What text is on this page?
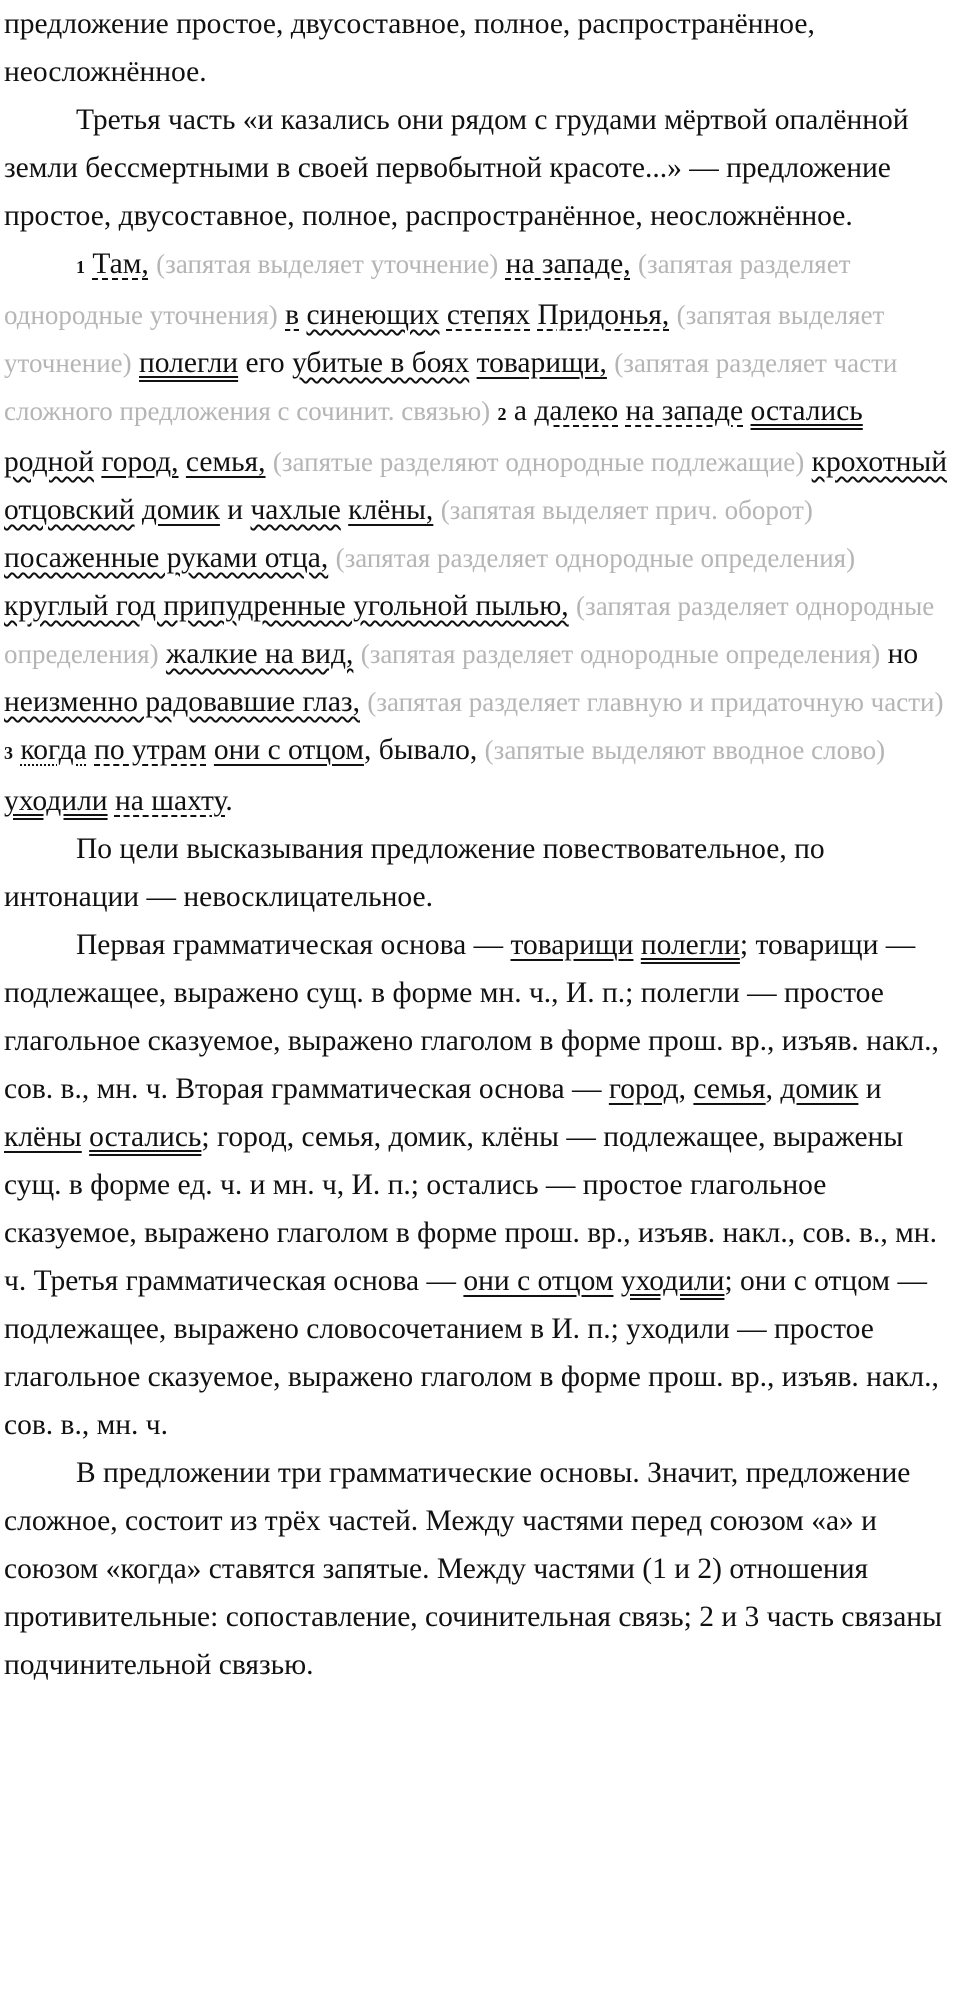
предложение простое, двусоставное, полное, распространённое, неосложнённое.

Третья часть «и казались они рядом с грудами мёртвой опалённой земли бессмертными в своей первобытной красоте...» — предложение простое, двусоставное, полное, распространённое, неосложнённое.

1 Там, (запятая выделяет уточнение) на западе, (запятая разделяет однородные уточнения) в синеющих степях Придонья, (запятая выделяет уточнение) полегли его убитые в боях товарищи, (запятая разделяет части сложного предложения с сочинит. связью) 2 а далеко на западе остались родной город, семья, (запятые разделяют однородные подлежащие) крохотный отцовский домик и чахлые клёны, (запятая выделяет прич. оборот) посаженные руками отца, (запятая разделяет однородные определения) круглый год припудренные угольной пылью, (запятая разделяет однородные определения) жалкие на вид, (запятая разделяет однородные определения) но неизменно радовавшие глаз, (запятая разделяет главную и придаточную части) 3 когда по утрам они с отцом, бывало, (запятые выделяют вводное слово) уходили на шахту.

По цели высказывания предложение повествовательное, по интонации — невосклицательное.

Первая грамматическая основа — товарищи полегли; товарищи — подлежащее, выражено сущ. в форме мн. ч., И. п.; полегли — простое глагольное сказуемое, выражено глаголом в форме прош. вр., изъяв. накл., сов. в., мн. ч. Вторая грамматическая основа — город, семья, домик и клёны остались; город, семья, домик, клёны — подлежащее, выражены сущ. в форме ед. ч. и мн. ч, И. п.; остались — простое глагольное сказуемое, выражено глаголом в форме прош. вр., изъяв. накл., сов. в., мн. ч. Третья грамматическая основа — они с отцом уходили; они с отцом — подлежащее, выражено словосочетанием в И. п.; уходили — простое глагольное сказуемое, выражено глаголом в форме прош. вр., изъяв. накл., сов. в., мн. ч.

В предложении три грамматические основы. Значит, предложение сложное, состоит из трёх частей. Между частями перед союзом «а» и союзом «когда» ставятся запятые. Между частями (1 и 2) отношения противительные: сопоставление, сочинительная связь; 2 и 3 часть связаны подчинительной связью.
